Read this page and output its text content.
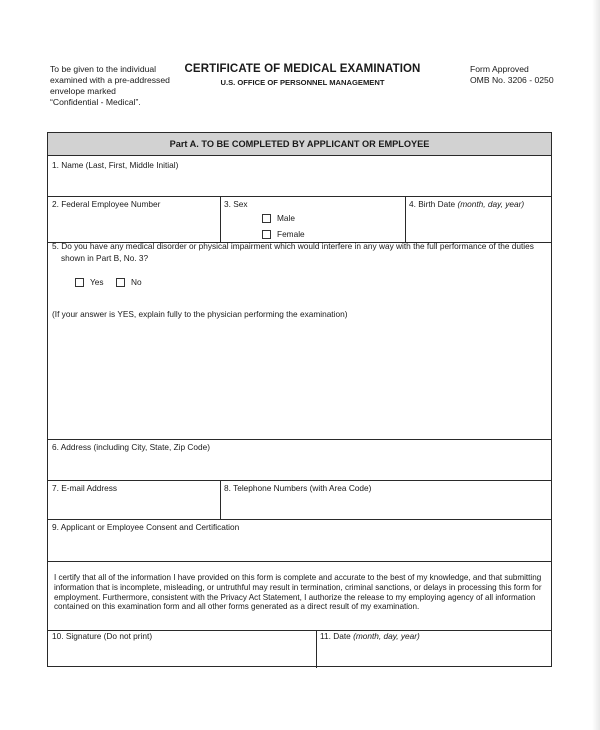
To be given to the individual
examined with a pre-addressed
envelope marked
“Confidential - Medical”.
CERTIFICATE OF MEDICAL EXAMINATION
U.S. OFFICE OF PERSONNEL MANAGEMENT
Form Approved
OMB No. 3206 - 0250
Part A. TO BE COMPLETED BY APPLICANT OR EMPLOYEE
1. Name (Last, First, Middle Initial)
2. Federal Employee Number	3. Sex
Male
Female
4. Birth Date (month, day, year)
5. Do you have any medical disorder or physical impairment which would interfere in any way with the full performance of the duties
shown in Part B, No. 3?
Yes	No
(If your answer is YES, explain fully to the physician performing the examination)
6. Address (including City, State, Zip Code)
7. E-mail Address	8. Telephone Numbers (with Area Code)
9. Applicant or Employee Consent and Certification
I certify that all of the information I have provided on this form is complete and accurate to the best of my knowledge, and that submitting
information that is incomplete, misleading, or untruthful may result in termination, criminal sanctions, or delays in processing this form for
employment. Furthermore, consistent with the Privacy Act Statement, I authorize the release to my employing agency of all information
contained on this examination form and all other forms generated as a direct result of my examination.
10. Signature (Do not print)	11. Date (month, day, year)
